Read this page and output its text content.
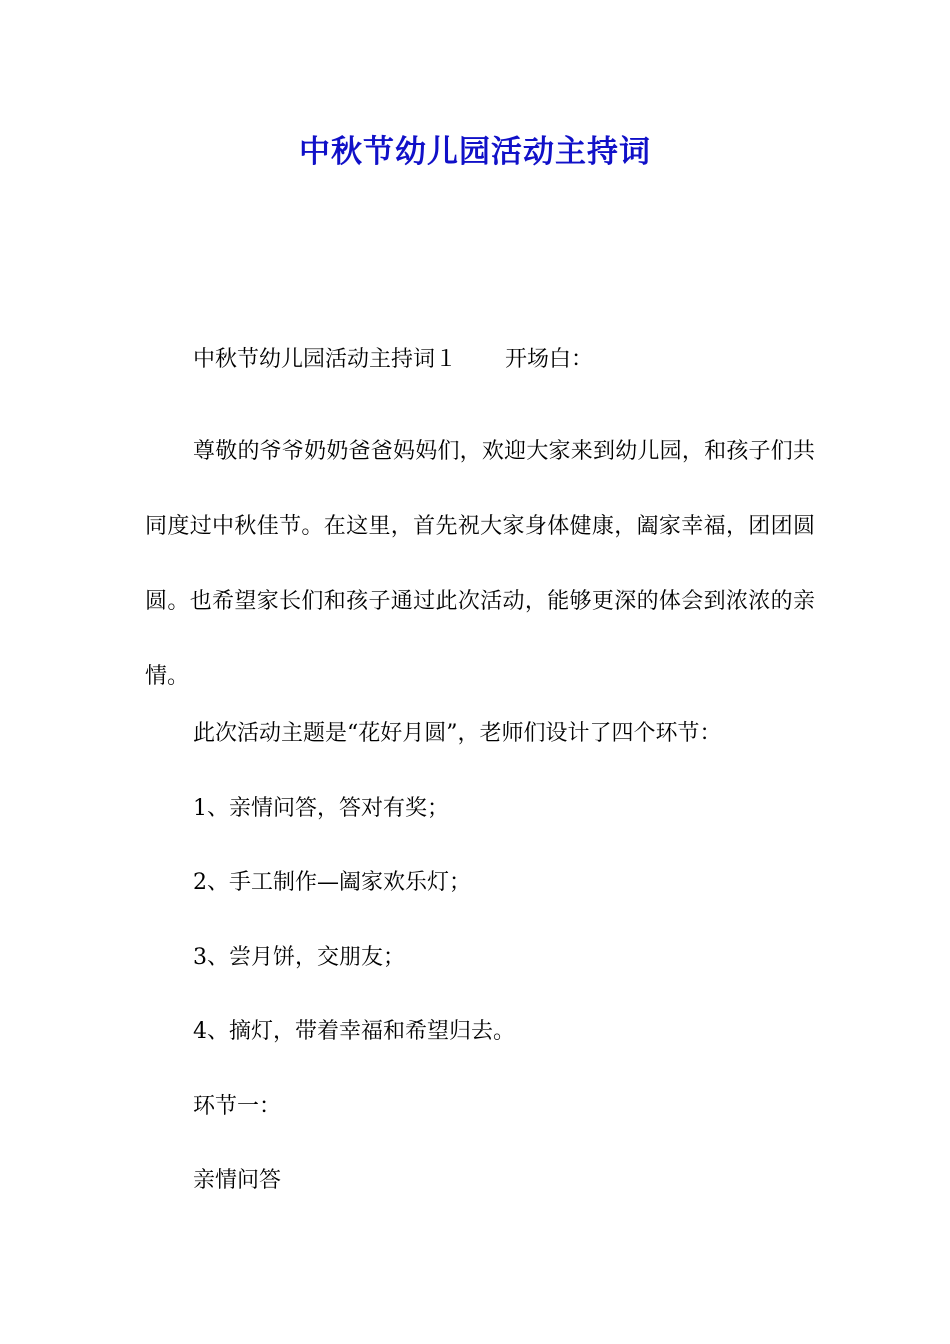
中秋节幼儿园活动主持词

中秋节幼儿园活动主持词１ 开场白：

尊敬的爷爷奶奶爸爸妈妈们，欢迎大家来到幼儿园，和孩子们共同度过中秋佳节。在这里，首先祝大家身体健康，阖家幸福，团团圆圆。也希望家长们和孩子通过此次活动，能够更深的体会到浓浓的亲情。

此次活动主题是“花好月圆”，老师们设计了四个环节：

1、亲情问答，答对有奖；

2、手工制作—阖家欢乐灯；

3、尝月饼，交朋友；

4、摘灯，带着幸福和希望归去。

环节一：

亲情问答
